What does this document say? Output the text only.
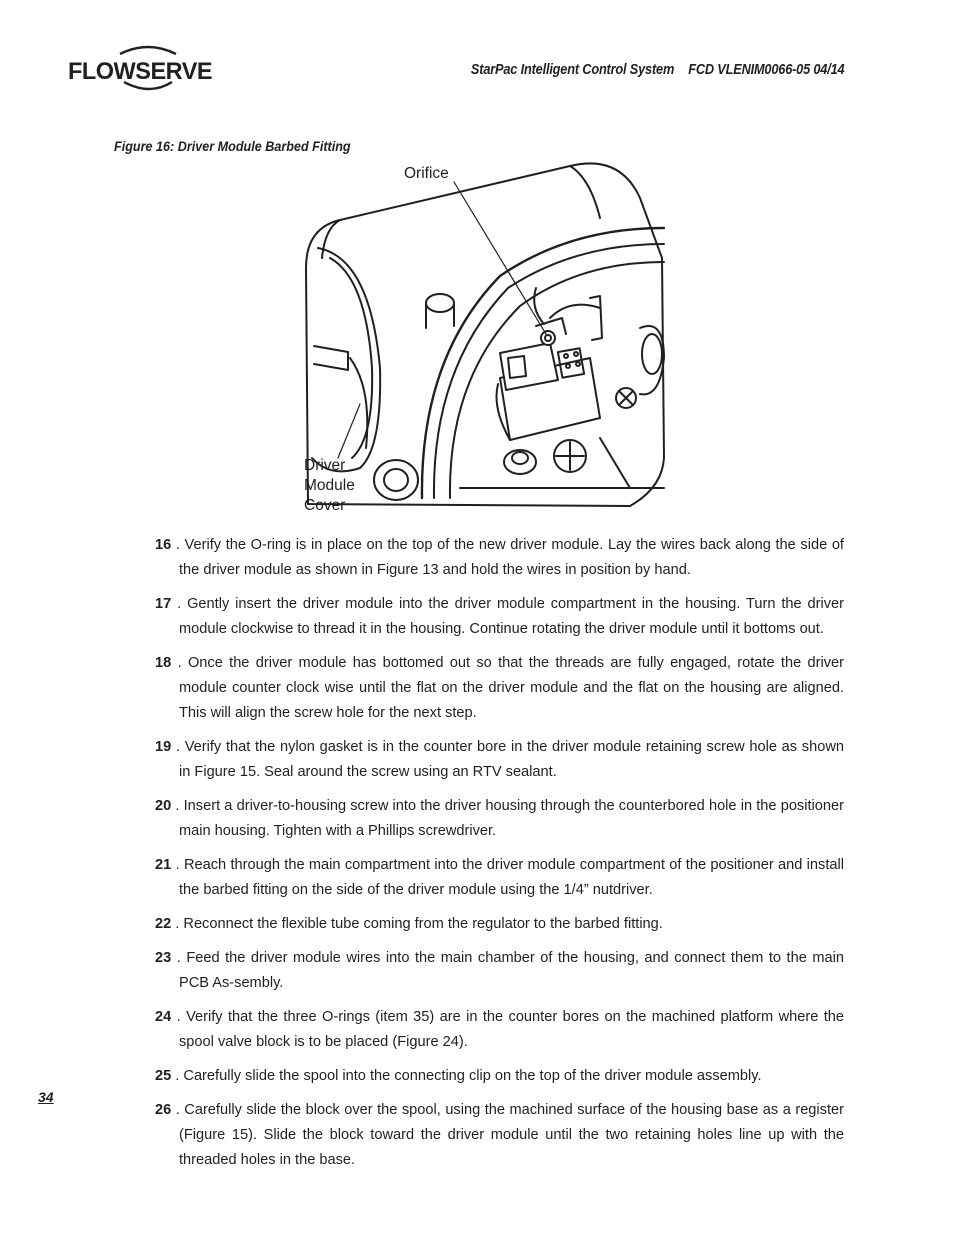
FLOWSERVE	StarPac Intelligent Control System FCD VLENIM0066-05 04/14
Figure 16: Driver Module Barbed Fitting
Orifice
Driver
Module
Cover
16 . Verify the O-ring is in place on the top of the new driver module. Lay the wires back along the side of the driver module as shown in Figure 13 and hold the wires in position by hand.
17 . Gently insert the driver module into the driver module compartment in the housing. Turn the driver module clockwise to thread it in the housing. Continue rotating the driver module until it bottoms out.
18 . Once the driver module has bottomed out so that the threads are fully engaged, rotate the driver module counter clock wise until the flat on the driver module and the flat on the housing are aligned. This will align the screw hole for the next step.
19 . Verify that the nylon gasket is in the counter bore in the driver module retaining screw hole as shown in Figure 15. Seal around the screw using an RTV sealant.
20 . Insert a driver-to-housing screw into the driver housing through the counterbored hole in the positioner main housing. Tighten with a Phillips screwdriver.
21 . Reach through the main compartment into the driver module compartment of the positioner and install the barbed fitting on the side of the driver module using the 1/4” nutdriver.
22 . Reconnect the flexible tube coming from the regulator to the barbed fitting.
23 . Feed the driver module wires into the main chamber of the housing, and connect them to the main PCB As-sembly.
24 . Verify that the three O-rings (item 35) are in the counter bores on the machined platform where the spool valve block is to be placed (Figure 24).
25 . Carefully slide the spool into the connecting clip on the top of the driver module assembly.
26 . Carefully slide the block over the spool, using the machined surface of the housing base as a register (Figure 15). Slide the block toward the driver module until the two retaining holes line up with the threaded holes in the base.
34
